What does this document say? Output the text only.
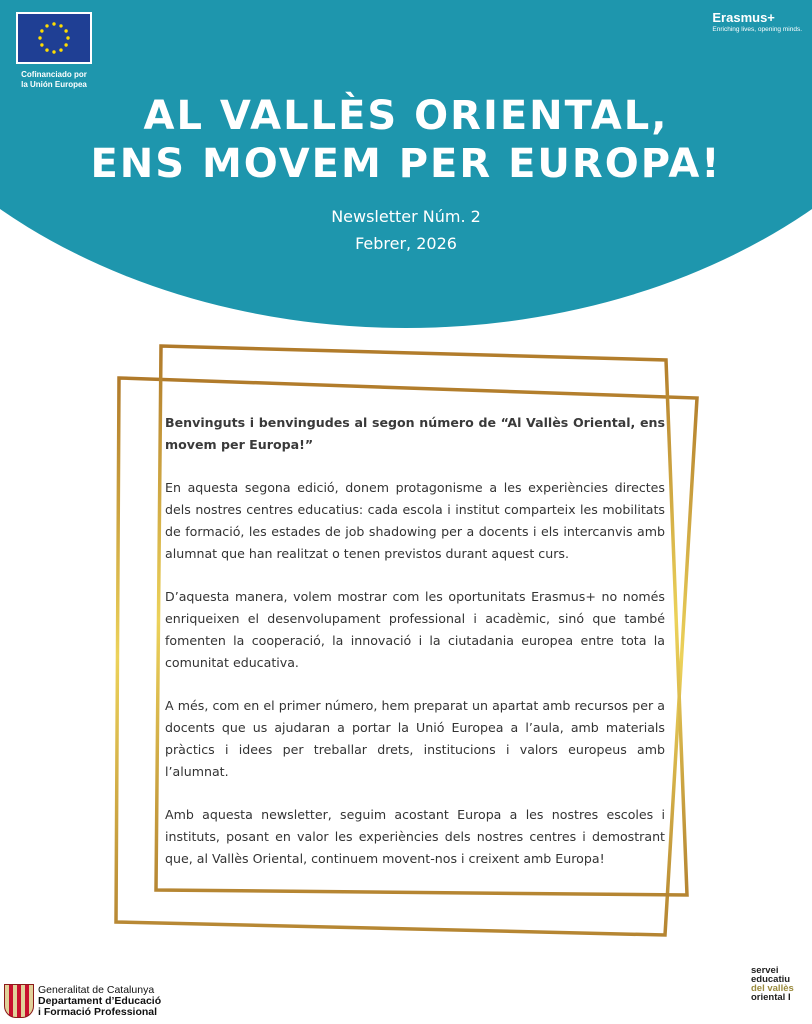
Cofinanciado por
la Unión Europea
Erasmus+
Enriching lives, opening minds.
AL VALLÈS ORIENTAL,
ENS MOVEM PER EUROPA!
Newsletter Núm. 2
Febrer, 2026

Benvinguts i benvingudes al segon número de “Al Vallès Oriental, ens movem per Europa!”

En aquesta segona edició, donem protagonisme a les experiències directes dels nostres centres educatius: cada escola i institut comparteix les mobilitats de formació, les estades de job shadowing per a docents i els intercanvis amb alumnat que han realitzat o tenen previstos durant aquest curs.

D’aquesta manera, volem mostrar com les oportunitats Erasmus+ no només enriqueixen el desenvolupament professional i acadèmic, sinó que també fomenten la cooperació, la innovació i la ciutadania europea entre tota la comunitat educativa.

A més, com en el primer número, hem preparat un apartat amb recursos per a docents que us ajudaran a portar la Unió Europea a l’aula, amb materials pràctics i idees per treballar drets, institucions i valors europeus amb l’alumnat.

Amb aquesta newsletter, seguim acostant Europa a les nostres escoles i instituts, posant en valor les experiències dels nostres centres i demostrant que, al Vallès Oriental, continuem movent-nos i creixent amb Europa!

Generalitat de Catalunya
Departament d’Educació
i Formació Professional
servei
educatiu
del vallès
oriental I
